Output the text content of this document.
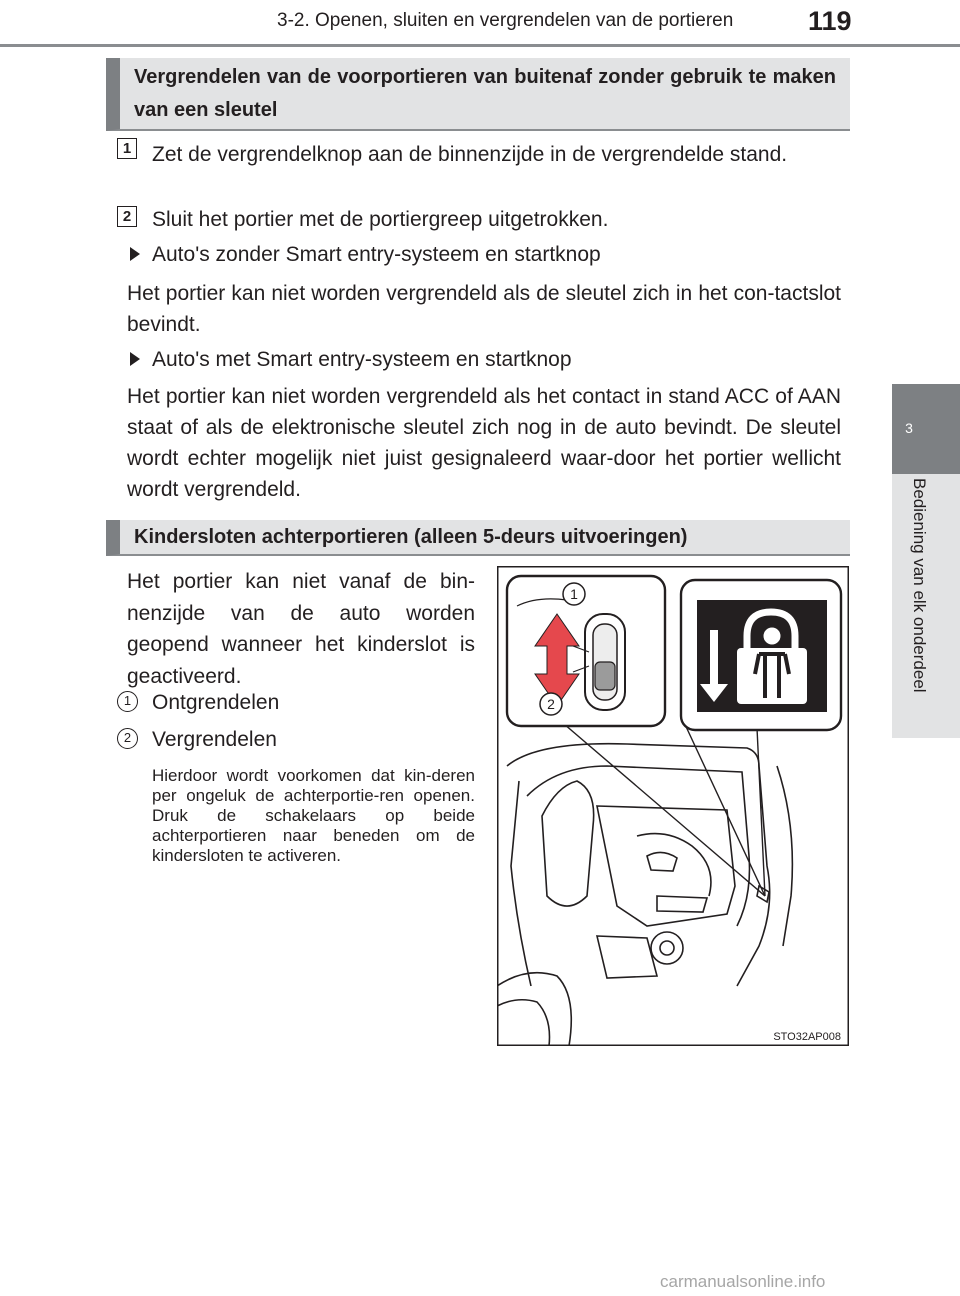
3-2. Openen, sluiten en vergrendelen van de portieren	119
3
Bediening van elk onderdeel
Vergrendelen van de voorportieren van buitenaf zonder gebruik te maken van een sleutel
1 Zet de vergrendelknop aan de binnenzijde in de vergrendelde stand.
2 Sluit het portier met de portiergreep uitgetrokken.
Auto's zonder Smart entry-systeem en startknop
Het portier kan niet worden vergrendeld als de sleutel zich in het con-tactslot bevindt.
Auto's met Smart entry-systeem en startknop
Het portier kan niet worden vergrendeld als het contact in stand ACC of AAN staat of als de elektronische sleutel zich nog in de auto bevindt. De sleutel wordt echter mogelijk niet juist gesignaleerd waar-door het portier wellicht wordt vergrendeld.
Kindersloten achterportieren (alleen 5-deurs uitvoeringen)
Het portier kan niet vanaf de bin-nenzijde van de auto worden geopend wanneer het kinderslot is geactiveerd.
1 Ontgrendelen
2 Vergrendelen
Hierdoor wordt voorkomen dat kin-deren per ongeluk de achterportie-ren openen. Druk de schakelaars op beide achterportieren naar beneden om de kindersloten te activeren.
1
2
STO32AP008
carmanualsonline.info
